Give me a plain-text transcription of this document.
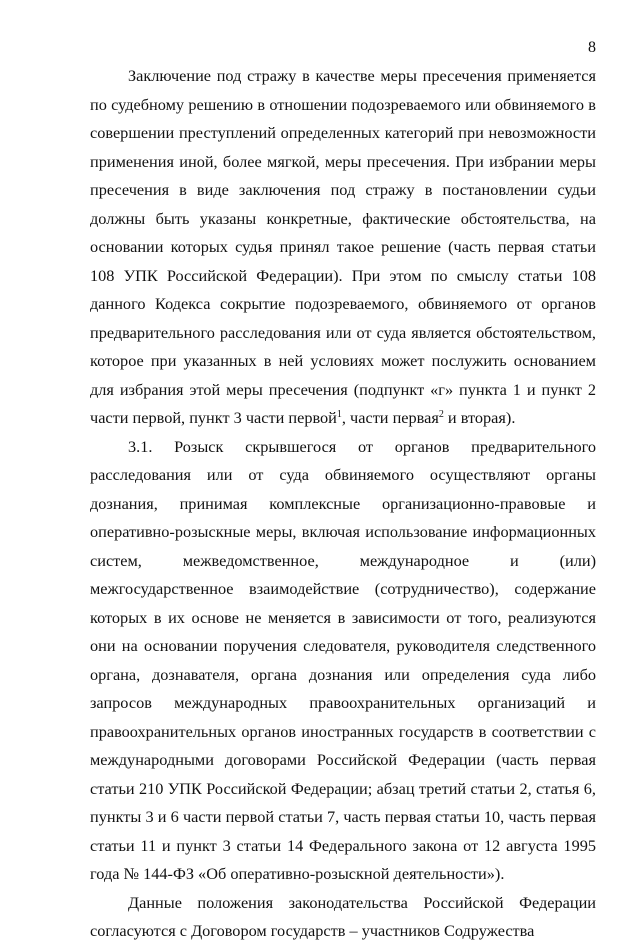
8

Заключение под стражу в качестве меры пресечения применяется по судебному решению в отношении подозреваемого или обвиняемого в совершении преступлений определенных категорий при невозможности применения иной, более мягкой, меры пресечения. При избрании меры пресечения в виде заключения под стражу в постановлении судьи должны быть указаны конкретные, фактические обстоятельства, на основании которых судья принял такое решение (часть первая статьи 108 УПК Российской Федерации). При этом по смыслу статьи 108 данного Кодекса сокрытие подозреваемого, обвиняемого от органов предварительного расследования или от суда является обстоятельством, которое при указанных в ней условиях может послужить основанием для избрания этой меры пресечения (подпункт «г» пункта 1 и пункт 2 части первой, пункт 3 части первой$^1$, части первая$^2$ и вторая).

3.1. Розыск скрывшегося от органов предварительного расследования или от суда обвиняемого осуществляют органы дознания, принимая комплексные организационно-правовые и оперативно-розыскные меры, включая использование информационных систем, межведомственное, международное и (или) межгосударственное взаимодействие (сотрудничество), содержание которых в их основе не меняется в зависимости от того, реализуются они на основании поручения следователя, руководителя следственного органа, дознавателя, органа дознания или определения суда либо запросов международных правоохранительных организаций и правоохранительных органов иностранных государств в соответствии с международными договорами Российской Федерации (часть первая статьи 210 УПК Российской Федерации; абзац третий статьи 2, статья 6, пункты 3 и 6 части первой статьи 7, часть первая статьи 10, часть первая статьи 11 и пункт 3 статьи 14 Федерального закона от 12 августа 1995 года № 144-ФЗ «Об оперативно-розыскной деятельности»).

Данные положения законодательства Российской Федерации согласуются с Договором государств – участников Содружества
